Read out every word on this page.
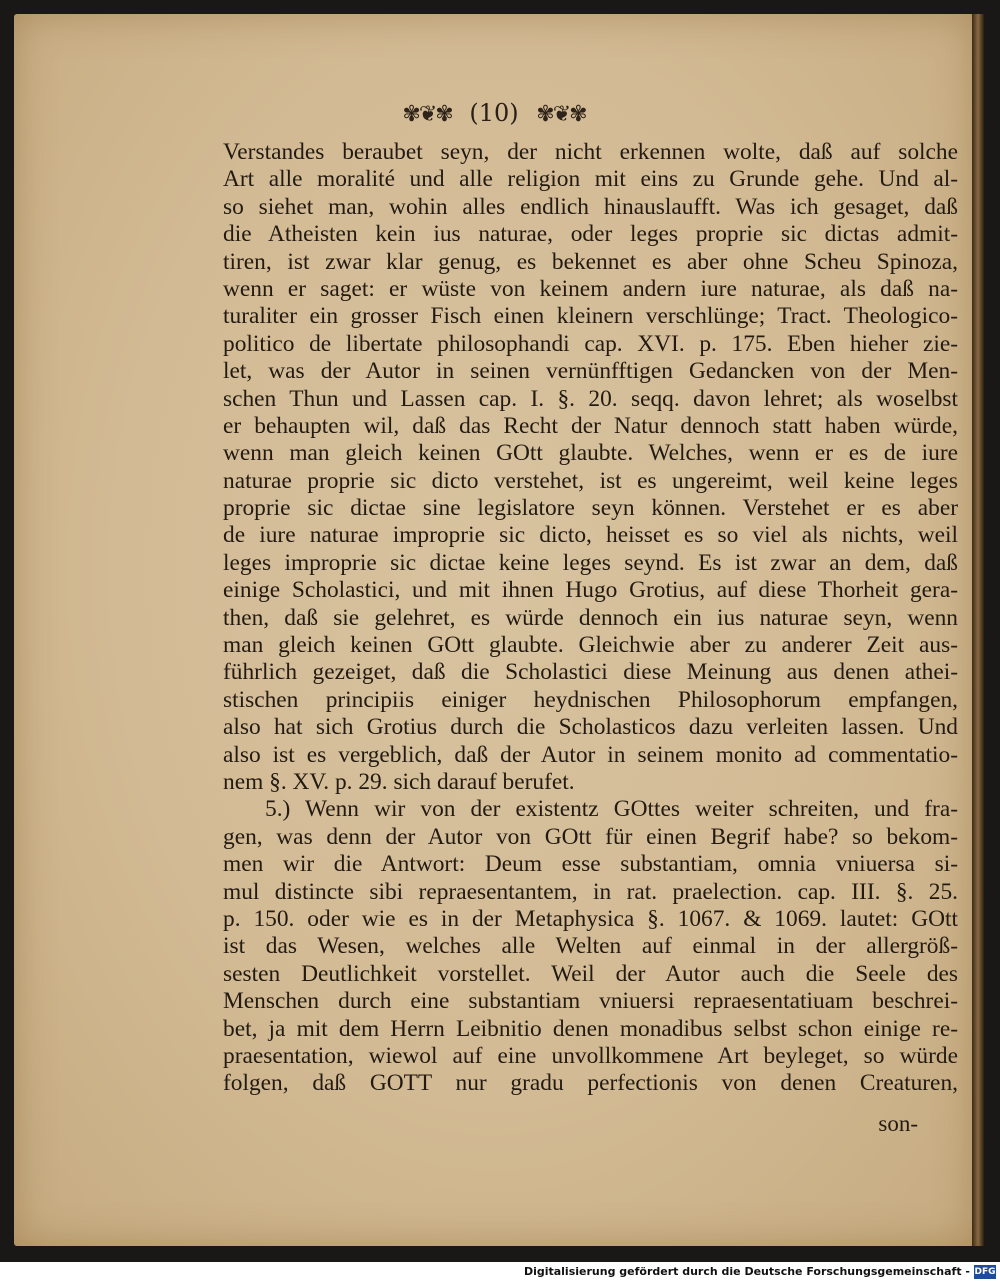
✾❦✾ (10) ✾❦✾
Verstandes beraubet seyn, der nicht erkennen wolte, daß auf solche
Art alle moralité und alle religion mit eins zu Grunde gehe. Und al-
so siehet man, wohin alles endlich hinauslaufft. Was ich gesaget, daß
die Atheisten kein ius naturae, oder leges proprie sic dictas admit-
tiren, ist zwar klar genug, es bekennet es aber ohne Scheu Spinoza,
wenn er saget: er wüste von keinem andern iure naturae, als daß na-
turaliter ein grosser Fisch einen kleinern verschlünge; Tract. Theologico-
politico de libertate philosophandi cap. XVI. p. 175. Eben hieher zie-
let, was der Autor in seinen vernünfftigen Gedancken von der Men-
schen Thun und Lassen cap. I. §. 20. seqq. davon lehret; als woselbst
er behaupten wil, daß das Recht der Natur dennoch statt haben würde,
wenn man gleich keinen GOtt glaubte. Welches, wenn er es de iure
naturae proprie sic dicto verstehet, ist es ungereimt, weil keine leges
proprie sic dictae sine legislatore seyn können. Verstehet er es aber
de iure naturae improprie sic dicto, heisset es so viel als nichts, weil
leges improprie sic dictae keine leges seynd. Es ist zwar an dem, daß
einige Scholastici, und mit ihnen Hugo Grotius, auf diese Thorheit gera-
then, daß sie gelehret, es würde dennoch ein ius naturae seyn, wenn
man gleich keinen GOtt glaubte. Gleichwie aber zu anderer Zeit aus-
führlich gezeiget, daß die Scholastici diese Meinung aus denen athei-
stischen principiis einiger heydnischen Philosophorum empfangen,
also hat sich Grotius durch die Scholasticos dazu verleiten lassen. Und
also ist es vergeblich, daß der Autor in seinem monito ad commentatio-
nem §. XV. p. 29. sich darauf berufet.
5.) Wenn wir von der existentz GOttes weiter schreiten, und fra-
gen, was denn der Autor von GOtt für einen Begrif habe? so bekom-
men wir die Antwort: Deum esse substantiam, omnia vniuersa si-
mul distincte sibi repraesentantem, in rat. praelection. cap. III. §. 25.
p. 150. oder wie es in der Metaphysica §. 1067. & 1069. lautet: GOtt
ist das Wesen, welches alle Welten auf einmal in der allergröß-
sesten Deutlichkeit vorstellet. Weil der Autor auch die Seele des
Menschen durch eine substantiam vniuersi repraesentatiuam beschrei-
bet, ja mit dem Herrn Leibnitio denen monadibus selbst schon einige re-
praesentation, wiewol auf eine unvollkommene Art beyleget, so würde
folgen, daß GOTT nur gradu perfectionis von denen Creaturen,
son-
Digitalisierung gefördert durch die Deutsche Forschungsgemeinschaft - DFG
